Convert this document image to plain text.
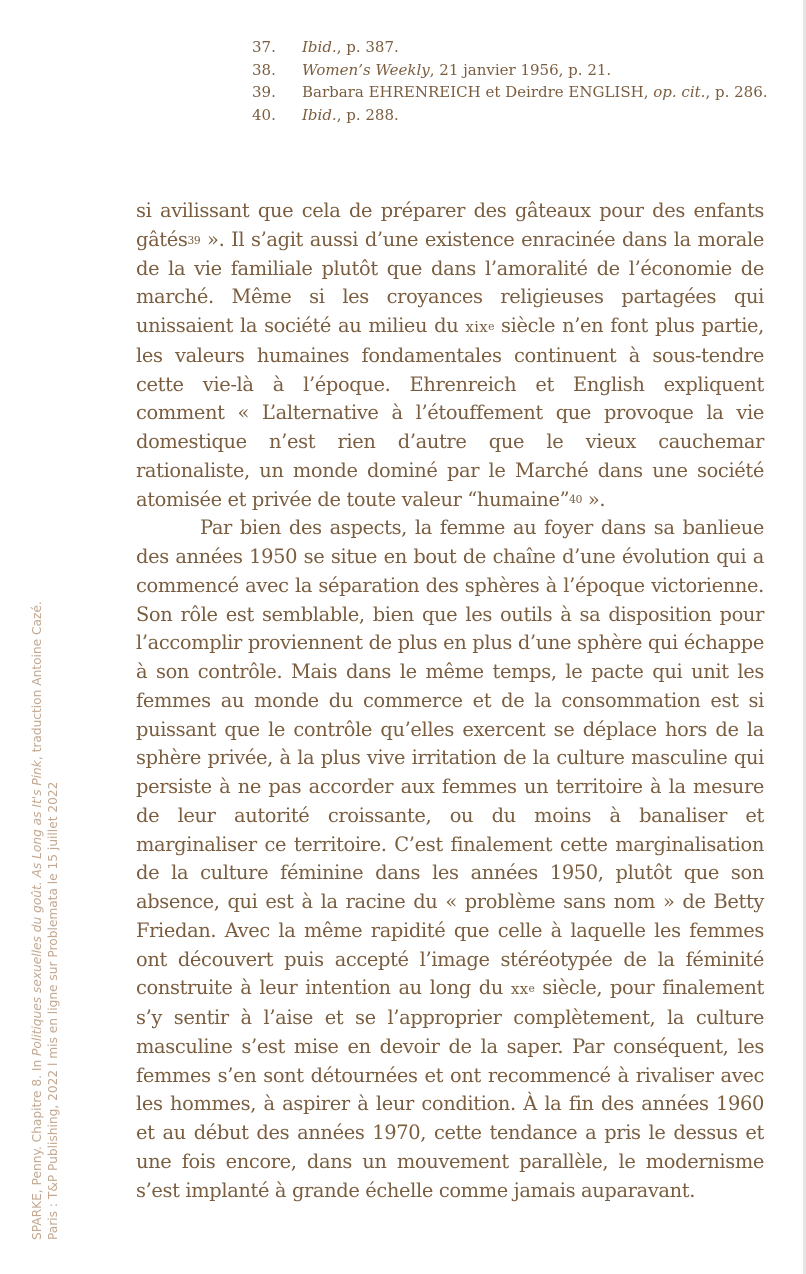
37 .	Ibid., p. 387.
38 .	Women’s Weekly, 21 janvier 1956, p. 21.
39 .	Barbara EHRENREICH et Deirdre ENGLISH, op. cit., p. 286.
40 .	Ibid., p. 288.

si avilissant que cela de préparer des gâteaux pour des enfants gâtés$^{39}$ ». Il s’agit aussi d’une existence enracinée dans la morale de la vie familiale plutôt que dans l’amoralité de l’économie de marché. Même si les croyances religieuses partagées qui unissaient la société au milieu du xix$^e$ siècle n’en font plus partie, les valeurs humaines fondamentales continuent à sous-tendre cette vie-là à l’époque. Ehrenreich et English expliquent comment « L’alternative à l’étouffement que provoque la vie domestique n’est rien d’autre que le vieux cauchemar rationaliste, un monde dominé par le Marché dans une société atomisée et privée de toute valeur “humaine”$^{40}$ ».

Par bien des aspects, la femme au foyer dans sa banlieue des années 1950 se situe en bout de chaîne d’une évolution qui a commencé avec la séparation des sphères à l’époque victorienne. Son rôle est semblable, bien que les outils à sa disposition pour l’accomplir proviennent de plus en plus d’une sphère qui échappe à son contrôle. Mais dans le même temps, le pacte qui unit les femmes au monde du commerce et de la consommation est si puissant que le contrôle qu’elles exercent se déplace hors de la sphère privée, à la plus vive irritation de la culture masculine qui persiste à ne pas accorder aux femmes un territoire à la mesure de leur autorité croissante, ou du moins à banaliser et marginaliser ce territoire. C’est finalement cette marginalisation de la culture féminine dans les années 1950, plutôt que son absence, qui est à la racine du « problème sans nom » de Betty Friedan. Avec la même rapidité que celle à laquelle les femmes ont découvert puis accepté l’image stéréotypée de la féminité construite à leur intention au long du $xx^e$ siècle, pour finalement s’y sentir à l’aise et se l’approprier complètement, la culture masculine s’est mise en devoir de la saper. Par conséquent, les femmes s’en sont détournées et ont recommencé à rivaliser avec les hommes, à aspirer à leur condition. À la fin des années 1960 et au début des années 1970, cette tendance a pris le dessus et une fois encore, dans un mouvement parallèle, le modernisme s’est implanté à grande échelle comme jamais auparavant.

SPARKE, Penny. Chapitre 8. In Politiques sexuelles du goût. As Long as It's Pink, traduction Antoine Cazé.
Paris : T&P Publishing, 2022 l mis en ligne sur Problemata le 15 juillet 2022
